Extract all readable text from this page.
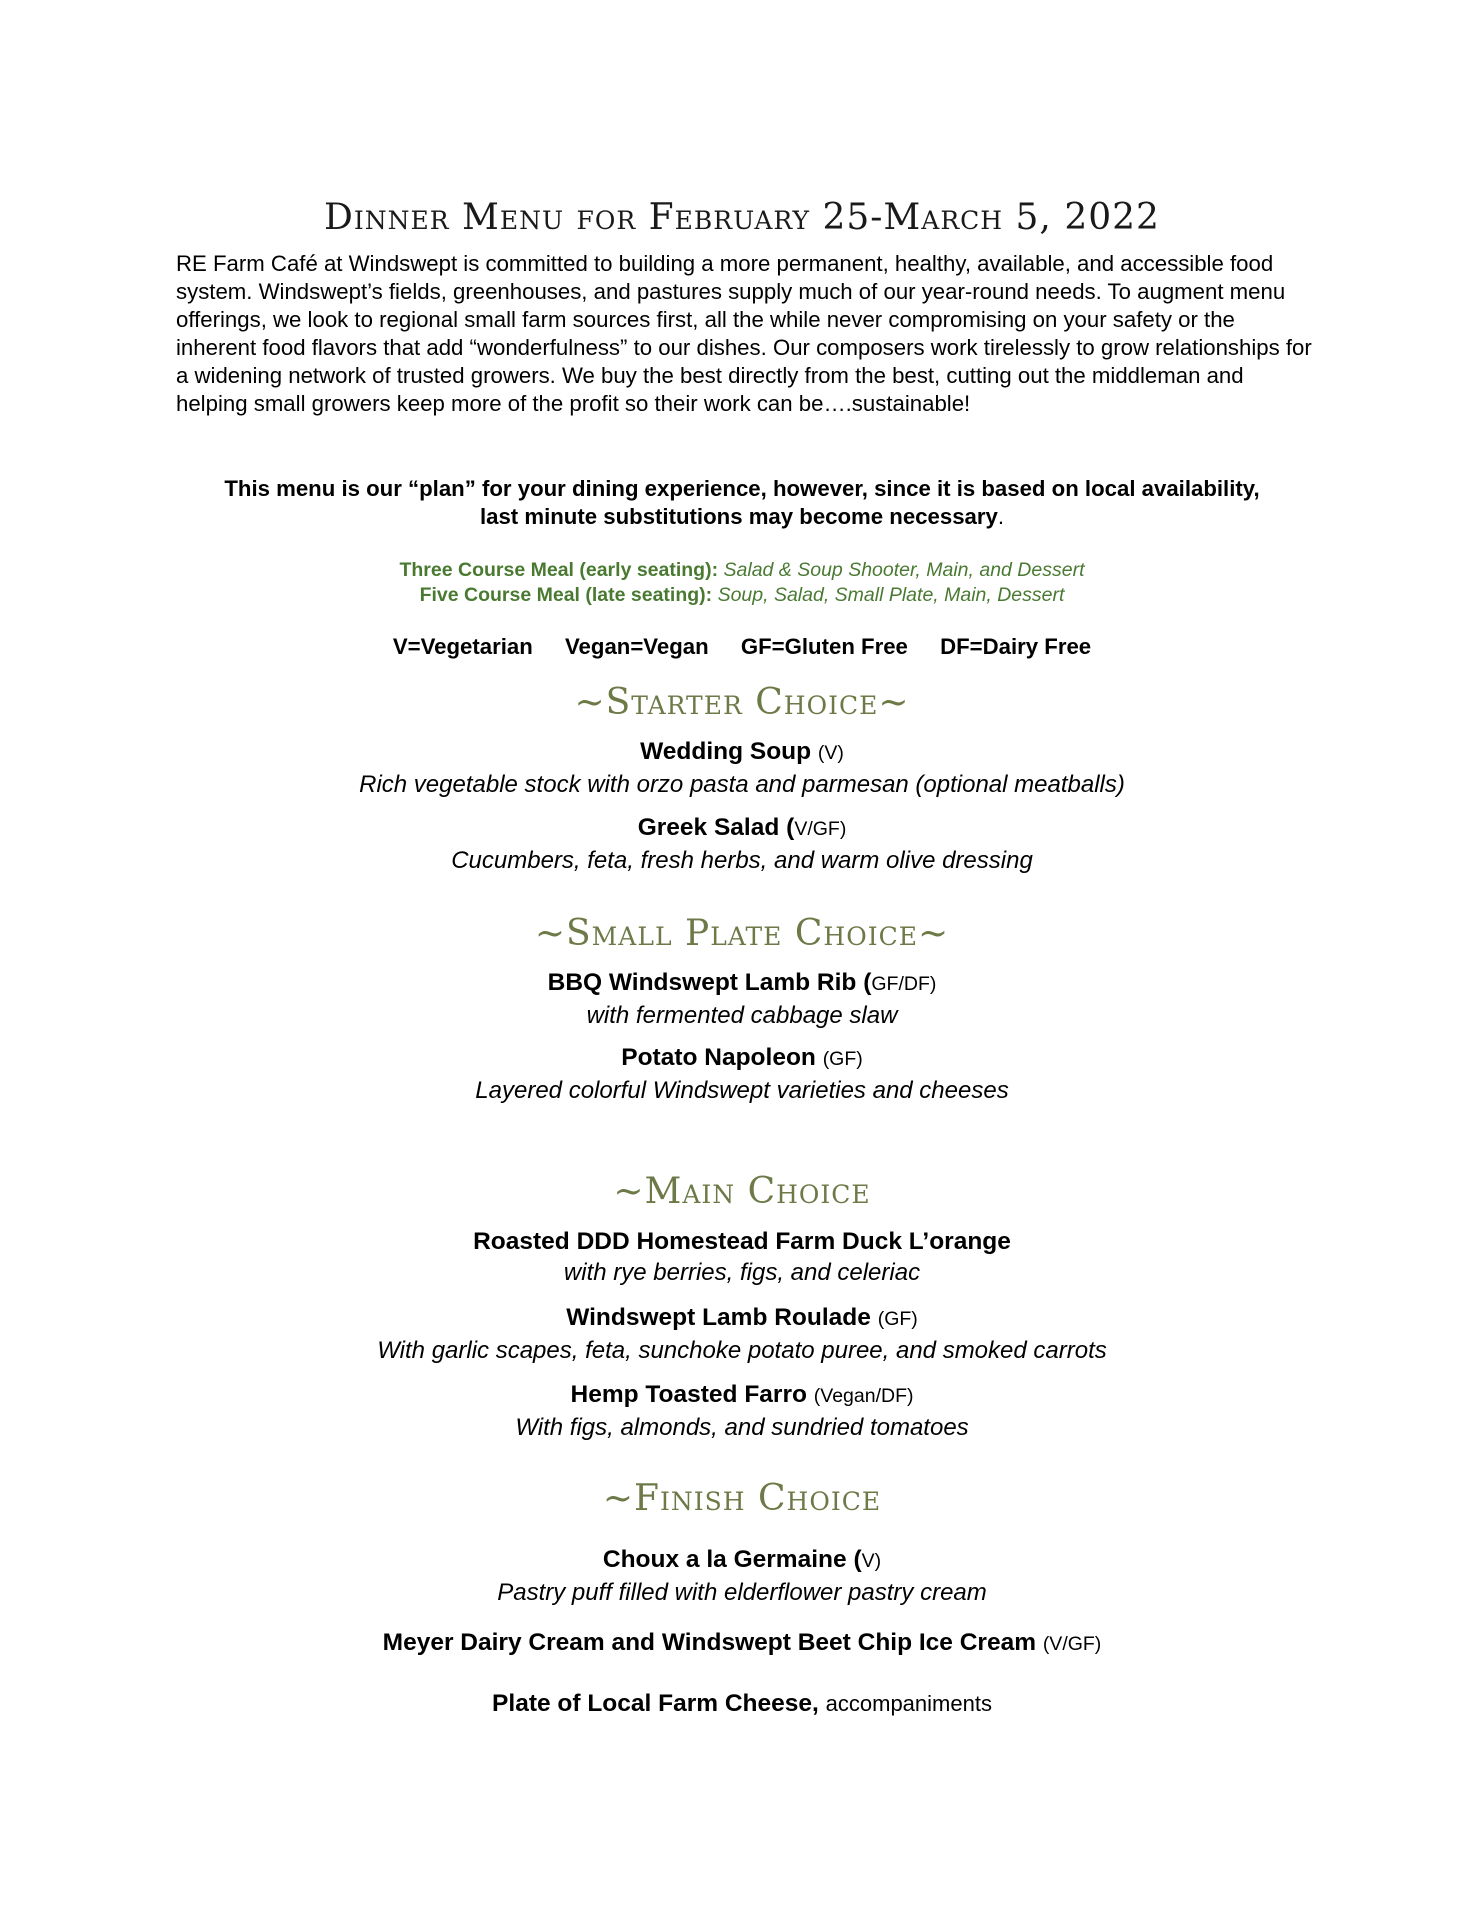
Dinner Menu for February 25-March 5, 2022

RE Farm Café at Windswept is committed to building a more permanent, healthy, available, and accessible food system. Windswept’s fields, greenhouses, and pastures supply much of our year-round needs. To augment menu offerings, we look to regional small farm sources first, all the while never compromising on your safety or the inherent food flavors that add “wonderfulness” to our dishes. Our composers work tirelessly to grow relationships for a widening network of trusted growers. We buy the best directly from the best, cutting out the middleman and helping small growers keep more of the profit so their work can be….sustainable!

This menu is our “plan” for your dining experience, however, since it is based on local availability,
last minute substitutions may become necessary.
Three Course Meal (early seating): Salad & Soup Shooter, Main, and Dessert
Five Course Meal (late seating): Soup, Salad, Small Plate, Main, Dessert
V=Vegetarian Vegan=Vegan GF=Gluten Free DF=Dairy Free
~Starter Choice~
Wedding Soup (V)
Rich vegetable stock with orzo pasta and parmesan (optional meatballs)
Greek Salad (V/GF)
Cucumbers, feta, fresh herbs, and warm olive dressing
~Small Plate Choice~
BBQ Windswept Lamb Rib (GF/DF)
with fermented cabbage slaw
Potato Napoleon (GF)
Layered colorful Windswept varieties and cheeses
~Main Choice
Roasted DDD Homestead Farm Duck L’orange
with rye berries, figs, and celeriac
Windswept Lamb Roulade (GF)
With garlic scapes, feta, sunchoke potato puree, and smoked carrots
Hemp Toasted Farro (Vegan/DF)
With figs, almonds, and sundried tomatoes
~Finish Choice
Choux a la Germaine (V)
Pastry puff filled with elderflower pastry cream
Meyer Dairy Cream and Windswept Beet Chip Ice Cream (V/GF)
Plate of Local Farm Cheese, accompaniments
